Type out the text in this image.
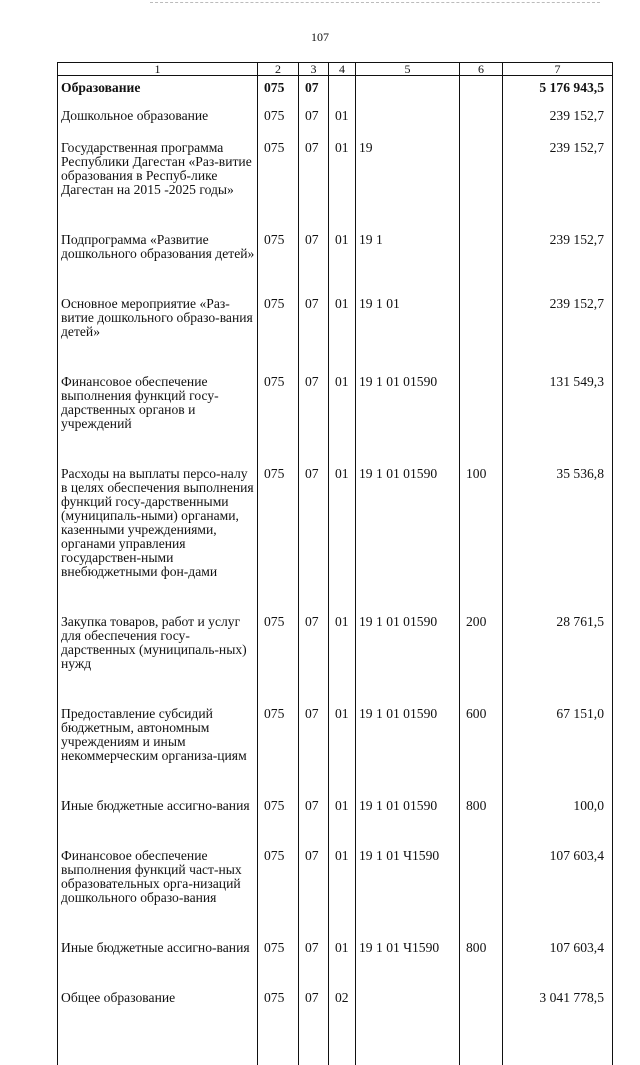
107
1	2	3	4	5	6	7
Образование	075	07				5 176 943,5
Дошкольное образование	075	07	01			239 152,7
Государственная программа Республики Дагестан «Раз-витие образования в Респуб-лике Дагестан на 2015 -2025 годы»	075	07	01	19		239 152,7
Подпрограмма «Развитие дошкольного образования детей»	075	07	01	19 1		239 152,7
Основное мероприятие «Раз-витие дошкольного образо-вания детей»	075	07	01	19 1 01		239 152,7
Финансовое обеспечение выполнения функций госу-дарственных органов и учреждений	075	07	01	19 1 01 01590		131 549,3
Расходы на выплаты персо-налу в целях обеспечения выполнения функций госу-дарственными (муниципаль-ными) органами, казенными учреждениями, органами управления государствен-ными внебюджетными фон-дами	075	07	01	19 1 01 01590	100	35 536,8
Закупка товаров, работ и услуг для обеспечения госу-дарственных (муниципаль-ных) нужд	075	07	01	19 1 01 01590	200	28 761,5
Предоставление субсидий бюджетным, автономным учреждениям и иным некоммерческим организа-циям	075	07	01	19 1 01 01590	600	67 151,0
Иные бюджетные ассигно-вания	075	07	01	19 1 01 01590	800	100,0
Финансовое обеспечение выполнения функций част-ных образовательных орга-низаций дошкольного образо-вания	075	07	01	19 1 01 Ч1590		107 603,4
Иные бюджетные ассигно-вания	075	07	01	19 1 01 Ч1590	800	107 603,4
Общее образование	075	07	02			3 041 778,5
